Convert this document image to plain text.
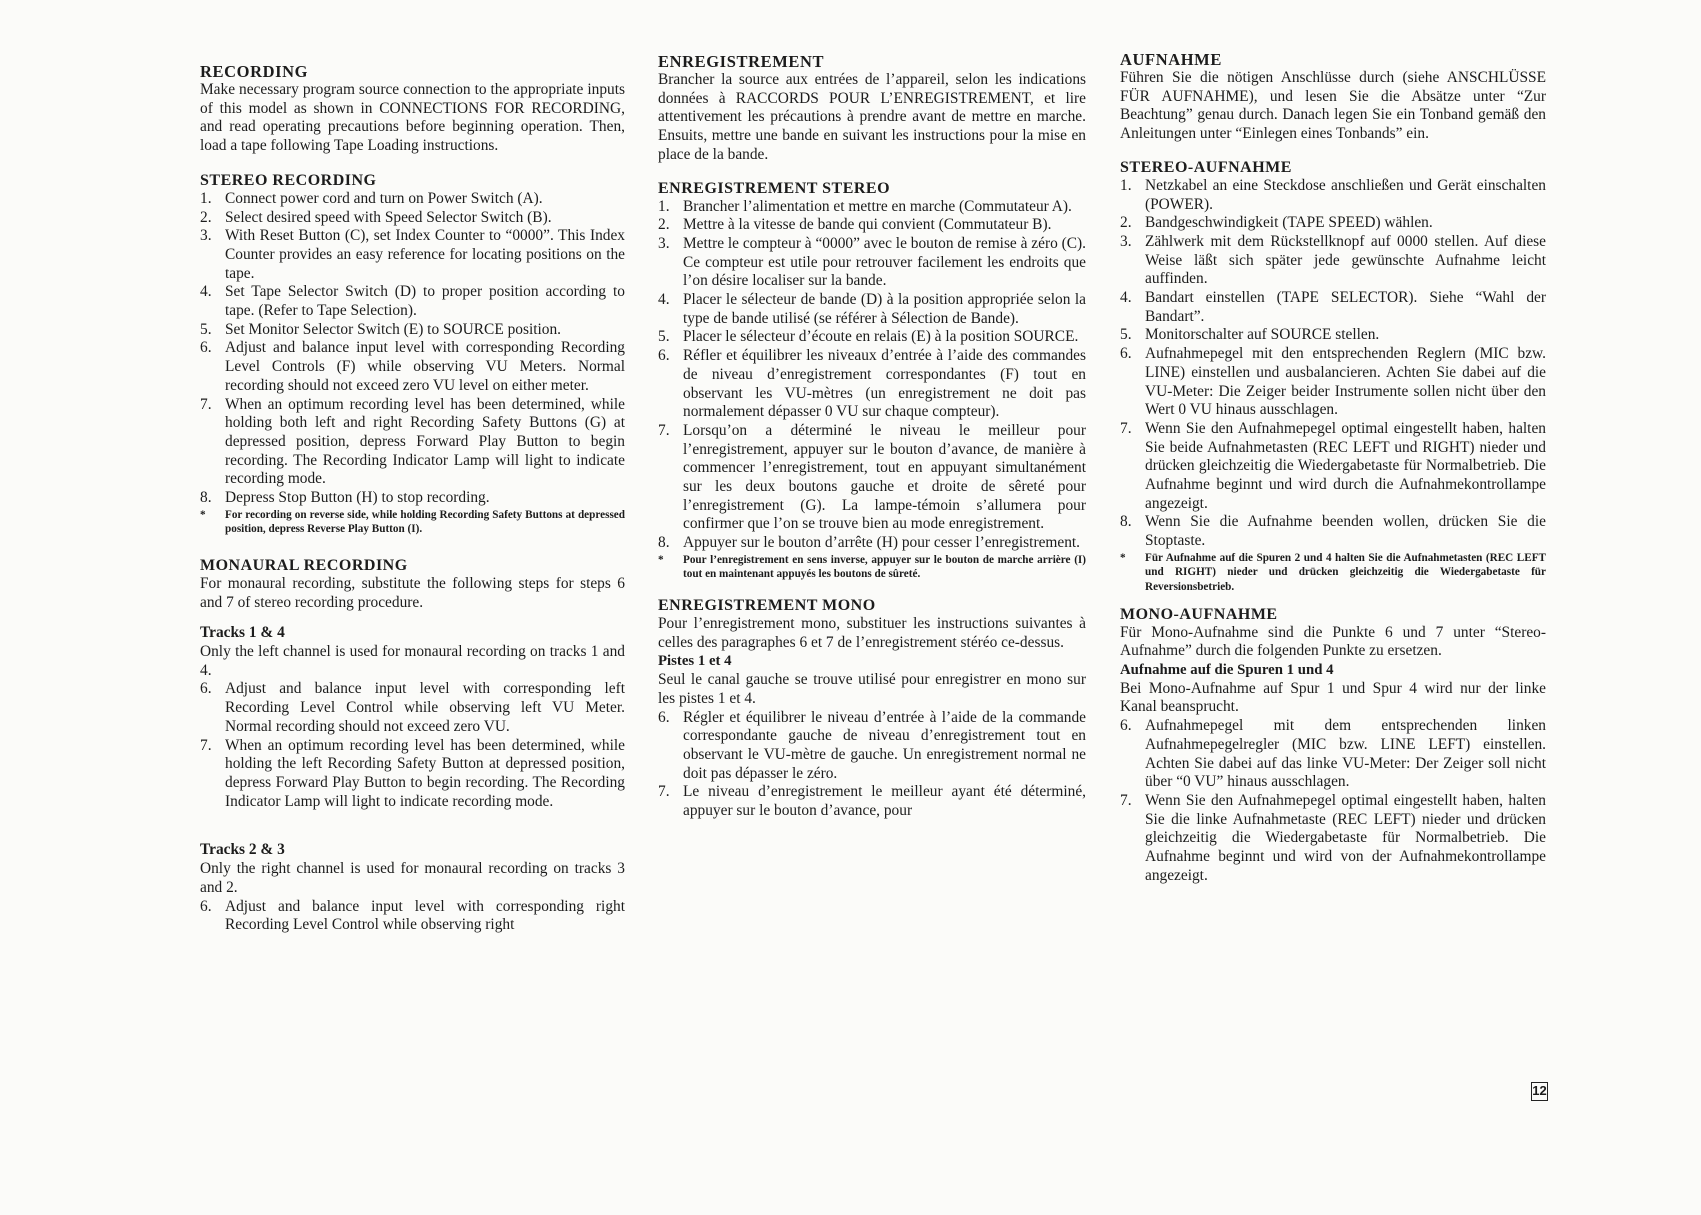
RECORDING

Make necessary program source connection to the appropriate inputs of this model as shown in CONNECTIONS FOR RECORDING, and read operating precautions before beginning operation. Then, load a tape following Tape Loading instructions.

STEREO RECORDING
1. Connect power cord and turn on Power Switch (A).
2. Select desired speed with Speed Selector Switch (B).
3. With Reset Button (C), set Index Counter to “0000”. This Index Counter provides an easy reference for locating positions on the tape.
4. Set Tape Selector Switch (D) to proper position according to tape. (Refer to Tape Selection).
5. Set Monitor Selector Switch (E) to SOURCE position.
6. Adjust and balance input level with corresponding Recording Level Controls (F) while observing VU Meters. Normal recording should not exceed zero VU level on either meter.
7. When an optimum recording level has been determined, while holding both left and right Recording Safety Buttons (G) at depressed position, depress Forward Play Button to begin recording. The Recording Indicator Lamp will light to indicate recording mode.
8. Depress Stop Button (H) to stop recording.

*	For recording on reverse side, while holding Recording Safety Buttons at depressed position, depress Reverse Play Button (I).

MONAURAL RECORDING

For monaural recording, substitute the following steps for steps 6 and 7 of stereo recording procedure.

Tracks 1 & 4

Only the left channel is used for monaural recording on tracks 1 and 4.

6. Adjust and balance input level with corresponding left Recording Level Control while observing left VU Meter. Normal recording should not exceed zero VU.
7. When an optimum recording level has been determined, while holding the left Recording Safety Button at depressed position, depress Forward Play Button to begin recording. The Recording Indicator Lamp will light to indicate recording mode.
Tracks 2 & 3

Only the right channel is used for monaural recording on tracks 3 and 2.

6. Adjust and balance input level with corresponding right Recording Level Control while observing right
ENREGISTREMENT

Brancher la source aux entrées de l’appareil, selon les indications données à RACCORDS POUR L’ENREGISTREMENT, et lire attentivement les précautions à prendre avant de mettre en marche. Ensuits, mettre une bande en suivant les instructions pour la mise en place de la bande.

ENREGISTREMENT STEREO
1. Brancher l’alimentation et mettre en marche (Commutateur A).
2. Mettre à la vitesse de bande qui convient (Commutateur B).
3. Mettre le compteur à “0000” avec le bouton de remise à zéro (C). Ce compteur est utile pour retrouver facilement les endroits que l’on désire localiser sur la bande.
4. Placer le sélecteur de bande (D) à la position appropriée selon la type de bande utilisé (se référer à Sélection de Bande).
5. Placer le sélecteur d’écoute en relais (E) à la position SOURCE.
6. Réfler et équilibrer les niveaux d’entrée à l’aide des commandes de niveau d’enregistrement correspondantes (F) tout en observant les VU-mètres (un enregistrement ne doit pas normalement dépasser 0 VU sur chaque compteur).
7. Lorsqu’on a déterminé le niveau le meilleur pour l’enregistrement, appuyer sur le bouton d’avance, de manière à commencer l’enregistrement, tout en appuyant simultanément sur les deux boutons gauche et droite de sêreté pour l’enregistrement (G). La lampe-témoin s’allumera pour confirmer que l’on se trouve bien au mode enregistrement.
8. Appuyer sur le bouton d’arrête (H) pour cesser l’enregistrement.

*	Pour l’enregistrement en sens inverse, appuyer sur le bouton de marche arrière (I) tout en maintenant appuyés les boutons de sûreté.

ENREGISTREMENT MONO

Pour l’enregistrement mono, substituer les instructions suivantes à celles des paragraphes 6 et 7 de l’enregistrement stéréo ce-dessus.

Pistes 1 et 4

Seul le canal gauche se trouve utilisé pour enregistrer en mono sur les pistes 1 et 4.

6. Régler et équilibrer le niveau d’entrée à l’aide de la commande correspondante gauche de niveau d’enregistrement tout en observant le VU-mètre de gauche. Un enregistrement normal ne doit pas dépasser le zéro.
7. Le niveau d’enregistrement le meilleur ayant été déterminé, appuyer sur le bouton d’avance, pour
AUFNAHME

Führen Sie die nötigen Anschlüsse durch (siehe ANSCHLÜSSE FÜR AUFNAHME), und lesen Sie die Absätze unter “Zur Beachtung” genau durch. Danach legen Sie ein Tonband gemäß den Anleitungen unter “Einlegen eines Tonbands” ein.

STEREO-AUFNAHME
1. Netzkabel an eine Steckdose anschließen und Gerät einschalten (POWER).
2. Bandgeschwindigkeit (TAPE SPEED) wählen.
3. Zählwerk mit dem Rückstellknopf auf 0000 stellen. Auf diese Weise läßt sich später jede gewünschte Aufnahme leicht auffinden.
4. Bandart einstellen (TAPE SELECTOR). Siehe “Wahl der Bandart”.
5. Monitorschalter auf SOURCE stellen.
6. Aufnahmepegel mit den entsprechenden Reglern (MIC bzw. LINE) einstellen und ausbalancieren. Achten Sie dabei auf die VU-Meter: Die Zeiger beider Instrumente sollen nicht über den Wert 0 VU hinaus ausschlagen.
7. Wenn Sie den Aufnahmepegel optimal eingestellt haben, halten Sie beide Aufnahmetasten (REC LEFT und RIGHT) nieder und drücken gleichzeitig die Wiedergabetaste für Normalbetrieb. Die Aufnahme beginnt und wird durch die Aufnahmekontrollampe angezeigt.
8. Wenn Sie die Aufnahme beenden wollen, drücken Sie die Stoptaste.

*	Für Aufnahme auf die Spuren 2 und 4 halten Sie die Aufnahmetasten (REC LEFT und RIGHT) nieder und drücken gleichzeitig die Wiedergabetaste für Reversionsbetrieb.

MONO-AUFNAHME

Für Mono-Aufnahme sind die Punkte 6 und 7 unter “Stereo-Aufnahme” durch die folgenden Punkte zu ersetzen.

Aufnahme auf die Spuren 1 und 4

Bei Mono-Aufnahme auf Spur 1 und Spur 4 wird nur der linke Kanal beansprucht.

6. Aufnahmepegel mit dem entsprechenden linken Aufnahmepegelregler (MIC bzw. LINE LEFT) einstellen. Achten Sie dabei auf das linke VU-Meter: Der Zeiger soll nicht über “0 VU” hinaus ausschlagen.
7. Wenn Sie den Aufnahmepegel optimal eingestellt haben, halten Sie die linke Aufnahmetaste (REC LEFT) nieder und drücken gleichzeitig die Wiedergabetaste für Normalbetrieb. Die Aufnahme beginnt und wird von der Aufnahmekontrollampe angezeigt.
12
